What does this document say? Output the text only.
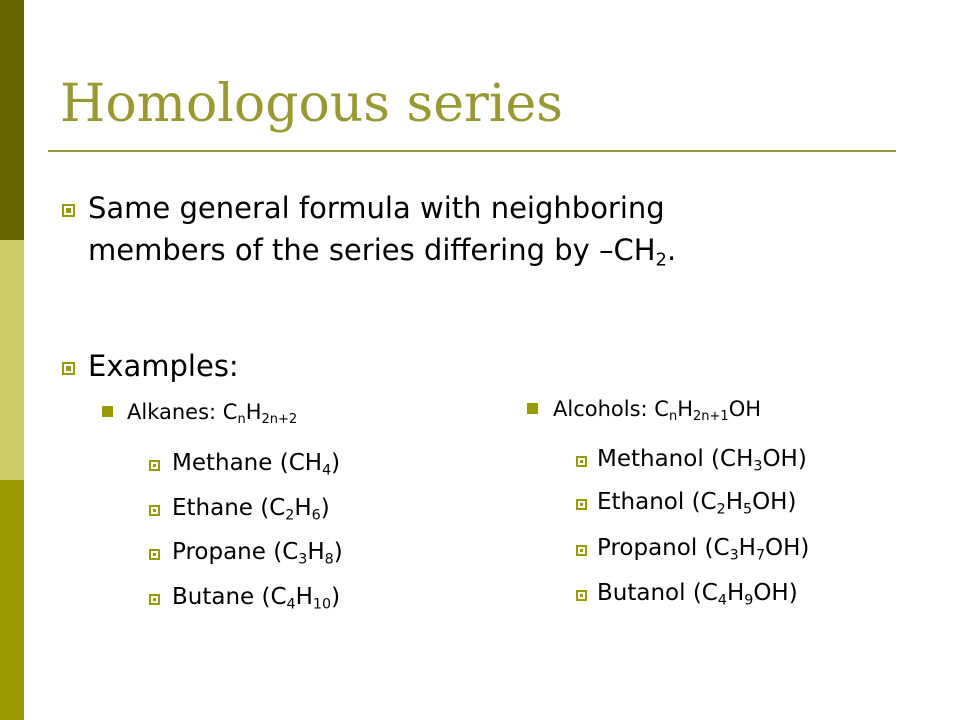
Homologous series
Same general formula with neighboring
members of the series differing by $-CH_2$.
Examples:
Alkanes: $C_nH_{2n+2}$
Methane $(CH_4)$
Ethane $(C_2H_6)$
Propane $(C_3H_8)$
Butane $(C_4H_{10})$
Alcohols: $C_nH_{2n+1}OH$
Methanol $(CH_3OH)$
Ethanol $(C_2H_5OH)$
Propanol $(C_3H_7OH)$
Butanol $(C_4H_9OH)$
